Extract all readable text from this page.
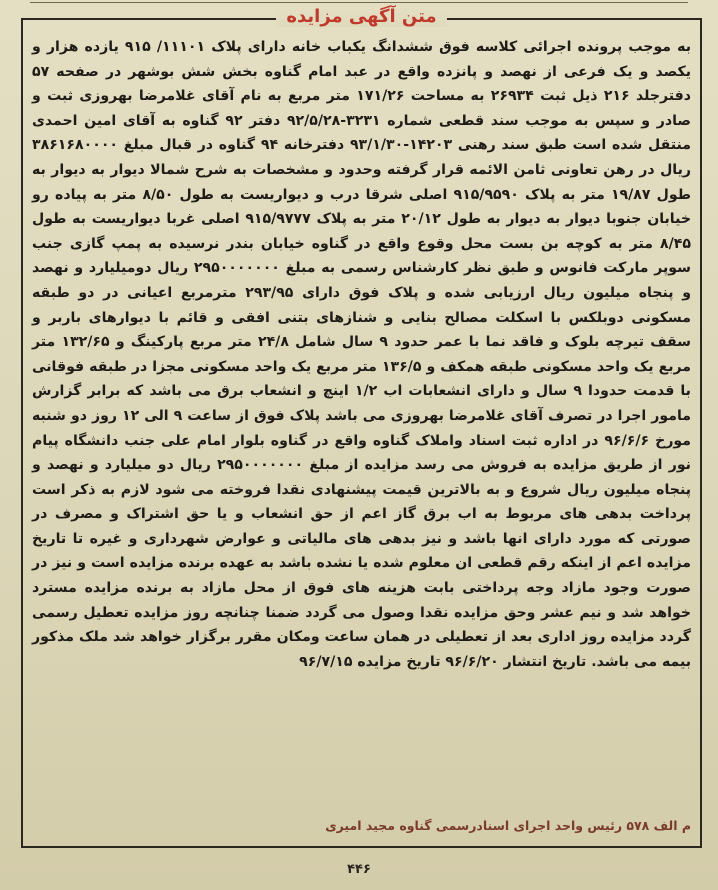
متن آگهی مزایده
به موجب پرونده اجرائی کلاسه فوق ششدانگ یکباب خانه دارای پلاک ۱۱۱۰۱/ ۹۱۵ یازده هزار و یکصد و یک فرعی از نهصد و پانزده واقع در عبد امام گناوه بخش شش بوشهر در صفحه ۵۷ دفترجلد ۲۱۶ ذیل ثبت ۲۶۹۳۴ به مساحت ۱۷۱/۲۶ متر مربع به نام آقای غلامرضا بهروزی ثبت و صادر و سپس به موجب سند قطعی شماره ۳۲۳۱-۹۲/۵/۲۸ دفتر ۹۲ گناوه به آقای امین احمدی منتقل شده است طبق سند رهنی ۱۴۲۰۳-۹۳/۱/۳۰ دفترخانه ۹۴ گناوه در قبال مبلغ ۳۸۶۱۶۸۰۰۰۰ ریال در رهن تعاونی ثامن الائمه قرار گرفته وحدود و مشخصات به شرح شمالا دیوار به دیوار به طول ۱۹/۸۷ متر به پلاک ۹۱۵/۹۵۹۰ اصلی شرقا درب و دیواریست به طول ۸/۵۰ متر به پیاده رو خیابان جنوبا دیوار به دیوار به طول ۲۰/۱۲ متر به پلاک ۹۱۵/۹۷۷۷ اصلی غربا دیواریست به طول ۸/۴۵ متر به کوچه بن بست محل وقوع واقع در گناوه خیابان بندر نرسیده به پمپ گازی جنب سوپر مارکت فانوس و طبق نظر کارشناس رسمی به مبلغ ۲۹۵۰۰۰۰۰۰۰ ریال دومیلیارد و نهصد و پنجاه میلیون ریال ارزیابی شده و پلاک فوق دارای ۲۹۳/۹۵ مترمربع اعیانی در دو طبقه مسکونی دوبلکس با اسکلت مصالح بنایی و شنازهای بتنی افقی و قائم با دیوارهای باربر و سقف تیرچه بلوک و فاقد نما با عمر حدود ۹ سال شامل ۲۴/۸ متر مربع پارکینگ و ۱۳۲/۶۵ متر مربع یک واحد مسکونی طبقه همکف و ۱۳۶/۵ متر مربع یک واحد مسکونی مجزا در طبقه فوقانی با قدمت حدودا ۹ سال و دارای انشعابات اب ۱/۲ اینچ و انشعاب برق می باشد که برابر گزارش مامور اجرا در تصرف آقای غلامرضا بهروزی می باشد پلاک فوق از ساعت ۹ الی ۱۲ روز دو شنبه مورخ ۹۶/۶/۶ در اداره ثبت اسناد واملاک گناوه واقع در گناوه بلوار امام علی جنب دانشگاه پیام نور از طریق مزایده به فروش می رسد مزایده از مبلغ ۲۹۵۰۰۰۰۰۰۰ ریال دو میلیارد و نهصد و پنجاه میلیون ریال شروع و به بالاترین قیمت پیشنهادی نقدا فروخته می شود لازم به ذکر است پرداخت بدهی های مربوط به اب برق گاز اعم از حق انشعاب و یا حق اشتراک و مصرف در صورتی که مورد دارای انها باشد و نیز بدهی های مالیاتی و عوارض شهرداری و غیره تا تاریخ مزایده اعم از اینکه رقم قطعی ان معلوم شده یا نشده باشد به عهده برنده مزایده است و نیز در صورت وجود مازاد وجه پرداختی بابت هزینه های فوق از محل مازاد به برنده مزایده مسترد خواهد شد و نیم عشر وحق مزایده نقدا وصول می گردد ضمنا چنانچه روز مزایده تعطیل رسمی گردد مزایده روز اداری بعد از تعطیلی در همان ساعت ومکان مقرر برگزار خواهد شد ملک مذکور بیمه می باشد. تاریخ انتشار ۹۶/۶/۲۰ تاریخ مزایده ۹۶/۷/۱۵
م الف ۵۷۸ رئیس واحد اجرای اسنادرسمی گناوه مجید امیری
۴۴۶
